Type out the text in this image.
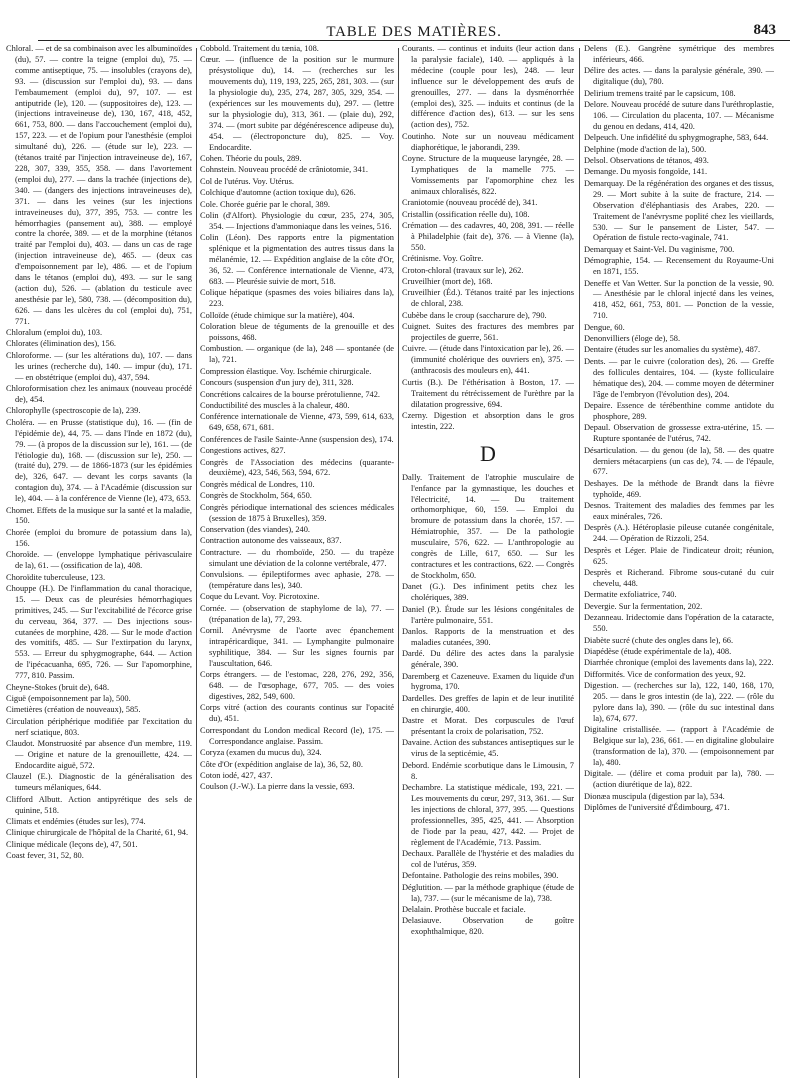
TABLE DES MATIÈRES.	843

Chloral. — et de sa combinaison avec les albuminoïdes (du), 57. — contre la teigne (emploi du), 75. — comme antiseptique, 75. — insolubles (crayons de), 93. — (discussion sur l'emploi du), 93. — dans l'embaumement (emploi du), 97, 107. — est antiputride (le), 120. — (suppositoires de), 123. — (injections intraveineuse de), 130, 167, 418, 452, 661, 753, 800. — dans l'accouchement (emploi du), 157, 223. — et de l'opium pour l'anesthésie (emploi simultané du), 226. — (étude sur le), 223. — (tétanos traité par l'injection intraveineuse de), 167, 228, 307, 339, 355, 358. — dans l'avortement (emploi du), 277. — dans la trachée (injections de), 340. — (dangers des injections intraveineuses de), 371. — dans les veines (sur les injections intraveineuses du), 377, 395, 753. — contre les hémorrhagies (pansement au), 388. — employé contre la chorée, 389. — et de la morphine (tétanos traité par l'emploi du), 403. — dans un cas de rage (injection intraveineuse de), 465. — (deux cas d'empoisonnement par le), 486. — et de l'opium dans le tétanos (emploi du), 493. — sur le sang (action du), 526. — (ablation du testicule avec anesthésie par le), 580, 738. — (décomposition du), 626. — dans les ulcères du col (emploi du), 751, 771.

Chloralum (emploi du), 103.

Chlorates (élimination des), 156.

Chloroforme. — (sur les altérations du), 107. — dans les urines (recherche du), 140. — impur (du), 171. — en obstétrique (emploi du), 437, 594.

Chloroformisation chez les animaux (nouveau procédé de), 454.

Chlorophylle (spectroscopie de la), 239.

Choléra. — en Prusse (statistique du), 16. — (fin de l'épidémie de), 44, 75. — dans l'Inde en 1872 (du), 79. — (à propos de la discussion sur le), 161. — (de l'étiologie du), 168. — (discussion sur le), 250. — (traité du), 279. — de 1866-1873 (sur les épidémies de), 326, 647. — devant les corps savants (la contagion du), 374. — à l'Académie (discussion sur le), 404. — à la conférence de Vienne (le), 473, 653.

Chomet. Effets de la musique sur la santé et la maladie, 150.

Chorée (emploi du bromure de potassium dans la), 156.

Choroïde. — (enveloppe lymphatique périvasculaire de la), 61. — (ossification de la), 408.

Choroïdite tuberculeuse, 123.

Chouppe (H.). De l'inflammation du canal thoracique, 15. — Deux cas de pleurésies hémorrhagiques primitives, 245. — Sur l'excitabilité de l'écorce grise du cerveau, 364, 377. — Des injections sous-cutanées de morphine, 428. — Sur le mode d'action des vomitifs, 485. — Sur l'extirpation du larynx, 553. — Erreur du sphygmographe, 644. — Action de l'ipécacuanha, 695, 726. — Sur l'apomorphine, 777, 810. Passim.

Cheyne-Stokes (bruit de), 648.

Ciguë (empoisonnement par la), 500.

Cimetières (création de nouveaux), 585.

Circulation périphérique modifiée par l'excitation du nerf sciatique, 803.

Claudot. Monstruosité par absence d'un membre, 119. — Origine et nature de la grenouillette, 424. — Endocardite aiguë, 572.

Clauzel (E.). Diagnostic de la généralisation des tumeurs mélaniques, 644.

Clifford Albutt. Action antipyrétique des sels de quinine, 518.

Climats et endémies (études sur les), 774.

Clinique chirurgicale de l'hôpital de la Charité, 61, 94.

Clinique médicale (leçons de), 47, 501.

Coast fever, 31, 52, 80.

Cobbold. Traitement du tænia, 108.

Cœur. — (influence de la position sur le murmure présystolique du), 14. — (recherches sur les mouvements du), 119, 193, 225, 265, 281, 303. — (sur la physiologie du), 235, 274, 287, 305, 329, 354. — (expériences sur les mouvements du), 297. — (lettre sur la physiologie du), 313, 361. — (plaie du), 292, 374. — (mort subite par dégénérescence adipeuse du), 454. — (électroponcture du), 825. — Voy. Endocardite.

Cohen. Théorie du pouls, 289.

Cohnstein. Nouveau procédé de crâniotomie, 341.

Col de l'utérus. Voy. Utérus.

Colchique d'automne (action toxique du), 626.

Cole. Chorée guérie par le choral, 389.

Colin (d'Alfort). Physiologie du cœur, 235, 274, 305, 354. — Injections d'ammoniaque dans les veines, 516.

Colin (Léon). Des rapports entre la pigmentation splénique et la pigmentation des autres tissus dans la mélanémie, 12. — Expédition anglaise de la côte d'Or, 36, 52. — Conférence internationale de Vienne, 473, 683. — Pleurésie suivie de mort, 518.

Colique hépatique (spasmes des voies biliaires dans la), 223.

Colloïde (étude chimique sur la matière), 404.

Coloration bleue de téguments de la grenouille et des poissons, 468.

Combustion. — organique (de la), 248 — spontanée (de la), 721.

Compression élastique. Voy. Ischémie chirurgicale.

Concours (suspension d'un jury de), 311, 328.

Concrétions calcaires de la bourse prérotulienne, 742.

Conductibilité des muscles à la chaleur, 480.

Conférence internationale de Vienne, 473, 599, 614, 633, 649, 658, 671, 681.

Conférences de l'asile Sainte-Anne (suspension des), 174.

Congestions actives, 827.

Congrès de l'Association des médecins (quarante-deuxième), 423, 546, 563, 594, 672.

Congrès médical de Londres, 110.

Congrès de Stockholm, 564, 650.

Congrès périodique international des sciences médicales (session de 1875 à Bruxelles), 359.

Conservation (des viandes), 240.

Contraction autonome des vaisseaux, 837.

Contracture. — du rhomboïde, 250. — du trapèze simulant une déviation de la colonne vertébrale, 477.

Convulsions. — épileptiformes avec aphasie, 278. — (température dans les), 340.

Coque du Levant. Voy. Picrotoxine.

Cornée. — (observation de staphylome de la), 77. — (trépanation de la), 77, 293.

Cornil. Anévrysme de l'aorte avec épanchement intrapéricardique, 341. — Lymphangite pulmonaire syphilitique, 384. — Sur les signes fournis par l'auscultation, 646.

Corps étrangers. — de l'estomac, 228, 276, 292, 356, 648. — de l'œsophage, 677, 705. — des voies digestives, 282, 549, 600.

Corps vitré (action des courants continus sur l'opacité du), 451.

Correspondant du London medical Record (le), 175. — Correspondance anglaise. Passim.

Coryza (examen du mucus du), 324.

Côte d'Or (expédition anglaise de la), 36, 52, 80.

Coton iodé, 427, 437.

Coulson (J.-W.). La pierre dans la vessie, 693.

Courants. — continus et induits (leur action dans la paralysie faciale), 140. — appliqués à la médecine (couple pour les), 248. — leur influence sur le développement des œufs de grenouilles, 277. — dans la dysménorrhée (emploi des), 325. — induits et continus (de la différence d'action des), 613. — sur les sens (action des), 752.

Coutinho. Note sur un nouveau médicament diaphorétique, le jaborandi, 239.

Coyne. Structure de la muqueuse laryngée, 28. — Lymphatiques de la mamelle 775. — Vomissements par l'apomorphine chez les animaux chloralisés, 822.

Craniotomie (nouveau procédé de), 341.

Cristallin (ossification réelle du), 108.

Crémation — des cadavres, 40, 208, 391. — réelle à Philadelphie (fait de), 376. — à Vienne (la), 550.

Crétinisme. Voy. Goître.

Croton-chloral (travaux sur le), 262.

Cruveilhier (mort de), 168.

Cruveilhier (Éd.). Tétanos traité par les injections de chloral, 238.

Cubèbe dans le croup (saccharure de), 790.

Cuignet. Suites des fractures des membres par projectiles de guerre, 561.

Cuivre. — (étude dans l'intoxication par le), 26. — (immunité cholérique des ouvriers en), 375. — (anthracosis des mouleurs en), 441.

Curtis (B.). De l'éthérisation à Boston, 17. — Traitement du rétrécissement de l'urèthre par la dilatation progressive, 694.

Czerny. Digestion et absorption dans le gros intestin, 222.

D

Dally. Traitement de l'atrophie musculaire de l'enfance par la gymnastique, les douches et l'électricité, 14. — Du traitement orthomorphique, 60, 159. — Emploi du bromure de potassium dans la chorée, 157. — Hémiatrophie, 357. — De la pathologie musculaire, 576, 622. — L'anthropologie au congrès de Lille, 617, 650. — Sur les contractures et les contractions, 622. — Congrès de Stockholm, 650.

Danet (G.). Des infiniment petits chez les cholériques, 389.

Daniel (P.). Étude sur les lésions congénitales de l'artère pulmonaire, 551.

Danlos. Rapports de la menstruation et des maladies cutanées, 390.

Dardé. Du délire des actes dans la paralysie générale, 390.

Daremberg et Cazeneuve. Examen du liquide d'un hygroma, 170.

Dardelles. Des greffes de lapin et de leur inutilité en chirurgie, 400.

Dastre et Morat. Des corpuscules de l'œuf présentant la croix de polarisation, 752.

Davaine. Action des substances antiseptiques sur le virus de la septicémie, 45.

Debord. Endémie scorbutique dans le Limousin, 7 8.

Dechambre. La statistique médicale, 193, 221. — Les mouvements du cœur, 297, 313, 361. — Sur les injections de chloral, 377, 395. — Questions professionnelles, 395, 425, 441. — Absorption de l'iode par la peau, 427, 442. — Projet de règlement de l'Académie, 713. Passim.

Dechaux. Parallèle de l'hystérie et des maladies du col de l'utérus, 359.

Defontaine. Pathologie des reins mobiles, 390.

Déglutition. — par la méthode graphique (étude de la), 737. — (sur le mécanisme de la), 738.

Delalain. Prothèse buccale et faciale.

Delasiauve. Observation de goître exophthalmique, 820.

Delens (E.). Gangrène symétrique des membres inférieurs, 466.

Délire des actes. — dans la paralysie générale, 390. — digitalique (du), 780.

Delirium tremens traité par le capsicum, 108.

Delore. Nouveau procédé de suture dans l'uréthroplastie, 106. — Circulation du placenta, 107. — Mécanisme du genou en dedans, 414, 420.

Delpeuch. Une infidélité du sphygmographe, 583, 644.

Delphine (mode d'action de la), 500.

Delsol. Observations de tétanos, 493.

Demange. Du myosis fongoïde, 141.

Demarquay. De la régénération des organes et des tissus, 29. — Mort subite à la suite de fracture, 214. — Observation d'éléphantiasis des Arabes, 220. — Traitement de l'anévrysme poplité chez les vieillards, 530. — Sur le pansement de Lister, 547. — Opération de fistule recto-vaginale, 741.

Demarquay et Saint-Vel. Du vaginisme, 700.

Démographie, 154. — Recensement du Royaume-Uni en 1871, 155.

Deneffe et Van Wetter. Sur la ponction de la vessie, 90. — Anesthésie par le chloral injecté dans les veines, 418, 452, 661, 753, 801. — Ponction de la vessie, 710.

Dengue, 60.

Denonvilliers (éloge de), 58.

Dentaire (études sur les anomalies du système), 487.

Dents. — par le cuivre (coloration des), 26. — Greffe des follicules dentaires, 104. — (kyste folliculaire hématique des), 204. — comme moyen de déterminer l'âge de l'embryon (l'évolution des), 204.

Depaire. Essence de térébenthine comme antidote du phosphore, 289.

Depaul. Observation de grossesse extra-utérine, 15. — Rupture spontanée de l'utérus, 742.

Désarticulation. — du genou (de la), 58. — des quatre derniers métacarpiens (un cas de), 74. — de l'épaule, 677.

Deshayes. De la méthode de Brandt dans la fièvre typhoïde, 469.

Desnos. Traitement des maladies des femmes par les eaux minérales, 726.

Desprès (A.). Hétéroplasie pileuse cutanée congénitale, 244. — Opération de Rizzoli, 254.

Desprès et Léger. Plaie de l'indicateur droit; réunion, 625.

Desprès et Richerand. Fibrome sous-cutané du cuir chevelu, 448.

Dermatite exfoliatrice, 740.

Devergie. Sur la fermentation, 202.

Dezanneau. Iridectomie dans l'opération de la cataracte, 550.

Diabète sucré (chute des ongles dans le), 66.

Diapédèse (étude expérimentale de la), 408.

Diarrhée chronique (emploi des lavements dans la), 222.

Difformités. Vice de conformation des yeux, 92.

Digestion. — (recherches sur la), 122, 140, 168, 170, 205. — dans le gros intestin (de la), 222. — (rôle du pylore dans la), 390. — (rôle du suc intestinal dans la), 674, 677.

Digitaline cristallisée. — (rapport à l'Académie de Belgique sur la), 236, 661. — en digitaline globulaire (transformation de la), 370. — (empoisonnement par la), 480.

Digitale. — (délire et coma produit par la), 780. — (action diurétique de la), 822.

Dionæa muscipula (digestion par la), 534.

Diplômes de l'université d'Édimbourg, 471.
